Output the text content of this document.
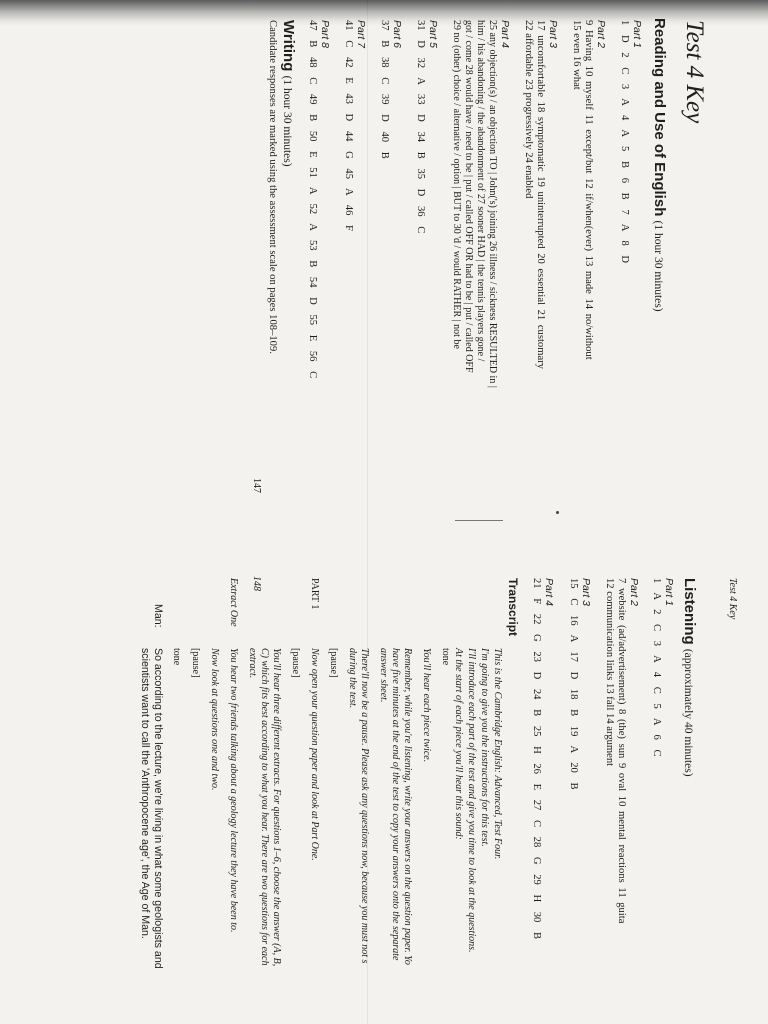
Test 4 Key
Reading and Use of English (1 hour 30 minutes)
Part 1
1 D 2 C 3 A 4 A 5 B 6 B 7 A 8 D
Part 2
9 Having 10 myself 11 except/but 12 if/when(ever) 13 made 14 no/without
15 even 16 what
Part 3
17 uncomfortable 18 symptomatic 19 uninterrupted 20 essential 21 customary
22 affordable 23 progressively 24 enabled
Part 4
25 any objection(s) / an objection TO | John('s) joining 26 illness / sickness RESULTED in |
him / his abandoning / the abandonment of 27 sooner HAD | the tennis players gone /
got / come 28 would have / need to be | put / called OFF OR had to be | put / called OFF
29 no (other) choice / alternative / option | BUT to 30 'd / would RATHER | not be
Part 5
31 D 32 A 33 D 34 B 35 D 36 C
Part 6
37 B 38 C 39 D 40 B
Part 7
41 C 42 E 43 D 44 G 45 A 46 F
Part 8
47 B 48 C 49 B 50 E 51 A 52 A 53 B 54 D 55 E 56 C
Writing (1 hour 30 minutes)
Candidate responses are marked using the assessment scale on pages 108–109.
147
148	Test 4 Key
Listening (approximately 40 minutes)
Part 1
1 A 2 C 3 A 4 C 5 A 6 C
Part 2
7 website (ad/advertisement) 8 (the) sun 9 oval 10 mental reactions 11 guita
12 communication links 13 fall 14 argument
Part 3
15 C 16 A 17 D 18 B 19 A 20 B
Part 4
21 F 22 G 23 D 24 B 25 H 26 E 27 C 28 G 29 H 30 B
Transcript
This is the Cambridge English: Advanced, Test Four.
I'm going to give you the instructions for this test.
I'll introduce each part of the test and give you time to look at the questions.
At the start of each piece you'll hear this sound:
tone
You'll hear each piece twice.
Remember, while you're listening, write your answers on the question paper. Yo
have five minutes at the end of the test to copy your answers onto the separate
answer sheet.
There'll now be a pause. Please ask any questions now, because you must not s
during the test.
[pause]
PART 1
Now open your question paper and look at Part One.
[pause]
You'll hear three different extracts. For questions 1–6, choose the answer (A, B,
C) which fits best according to what you hear. There are two questions for each
extract.
Extract One
You hear two friends talking about a geology lecture they have been to.
Now look at questions one and two.
[pause]
tone
Man:
So according to the lecture, we're living in what some geologists and
scientists want to call the 'Anthropocene age', the Age of Man.
